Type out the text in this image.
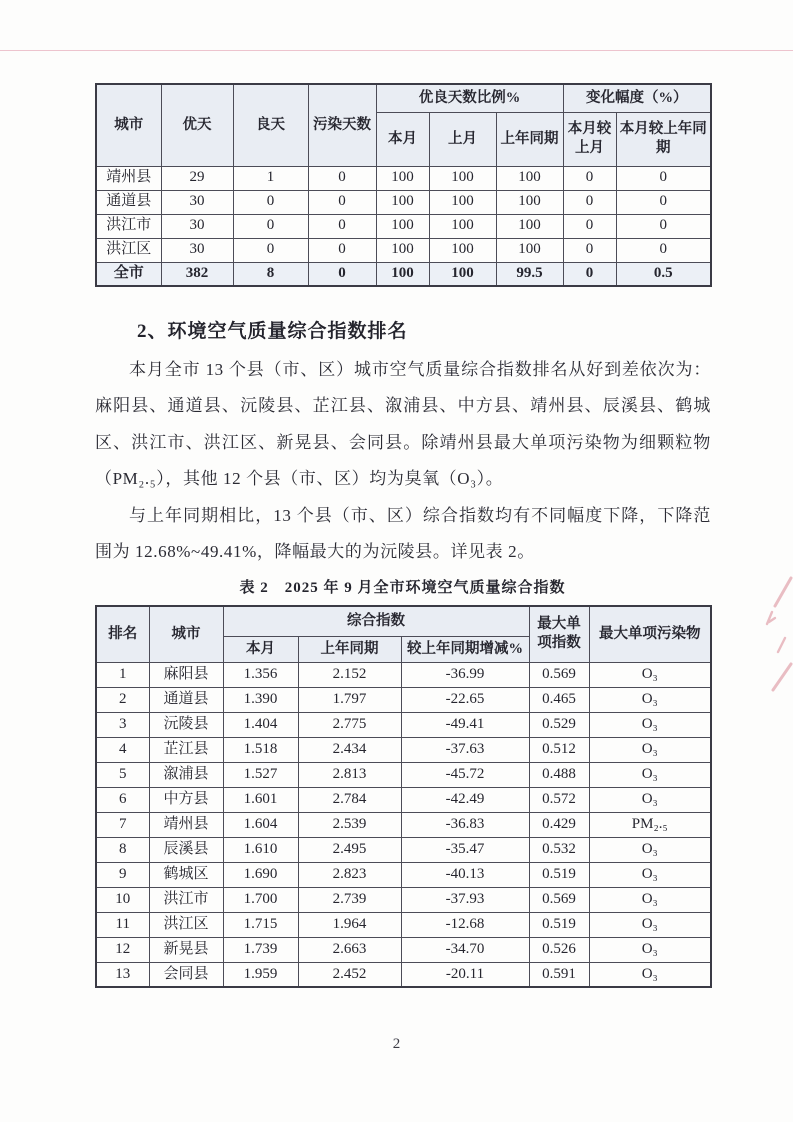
城市	优天	良天	污染天数	优良天数比例%			变化幅度（%）	
				本月	上月	上年同期	本月较上月	本月较上年同期
靖州县	29	1	0	100	100	100	0	0
通道县	30	0	0	100	100	100	0	0
洪江市	30	0	0	100	100	100	0	0
洪江区	30	0	0	100	100	100	0	0
全市	382	8	0	100	100	99.5	0	0.5
2、环境空气质量综合指数排名

本月全市 13 个县（市、区）城市空气质量综合指数排名从好到差依次为：麻阳县、通道县、沅陵县、芷江县、溆浦县、中方县、靖州县、辰溪县、鹤城区、洪江市、洪江区、新晃县、会同县。除靖州县最大单项污染物为细颗粒物（PM₂.₅），其他 12 个县（市、区）均为臭氧（O₃）。

与上年同期相比，13 个县（市、区）综合指数均有不同幅度下降，下降范围为 12.68%~49.41%，降幅最大的为沅陵县。详见表 2。

表 2　2025 年 9 月全市环境空气质量综合指数
排名	城市	综合指数			最大单项指数	最大单项污染物
		本月	上年同期	较上年同期增减%		
1	麻阳县	1.356	2.152	-36.99	0.569	O₃
2	通道县	1.390	1.797	-22.65	0.465	O₃
3	沅陵县	1.404	2.775	-49.41	0.529	O₃
4	芷江县	1.518	2.434	-37.63	0.512	O₃
5	溆浦县	1.527	2.813	-45.72	0.488	O₃
6	中方县	1.601	2.784	-42.49	0.572	O₃
7	靖州县	1.604	2.539	-36.83	0.429	PM₂.₅
8	辰溪县	1.610	2.495	-35.47	0.532	O₃
9	鹤城区	1.690	2.823	-40.13	0.519	O₃
10	洪江市	1.700	2.739	-37.93	0.569	O₃
11	洪江区	1.715	1.964	-12.68	0.519	O₃
12	新晃县	1.739	2.663	-34.70	0.526	O₃
13	会同县	1.959	2.452	-20.11	0.591	O₃
2
